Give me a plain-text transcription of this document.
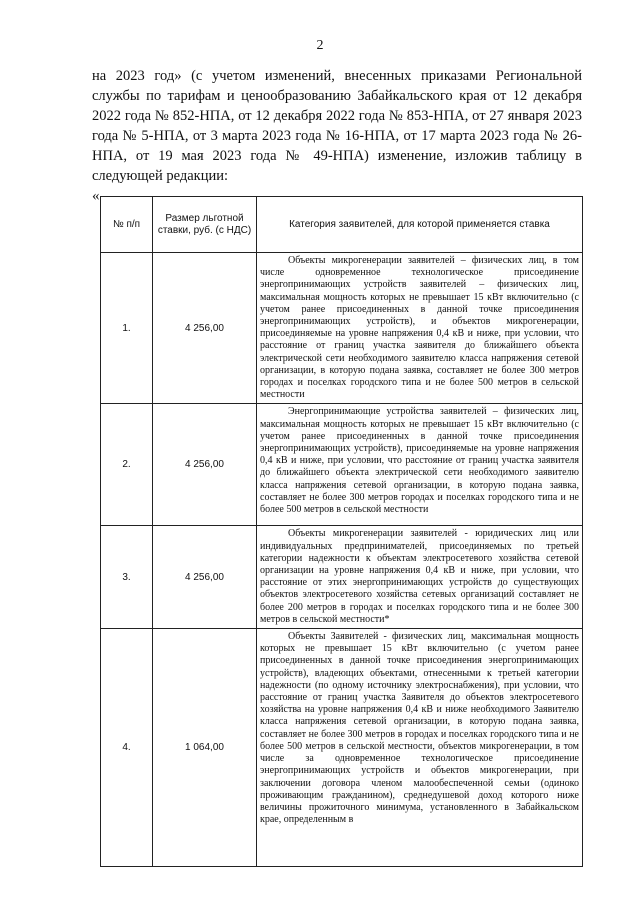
2
на 2023 год» (с учетом изменений, внесенных приказами Региональной службы по тарифам и ценообразованию Забайкальского края от 12 декабря 2022 года № 852-НПА, от 12 декабря 2022 года № 853-НПА, от 27 января 2023 года № 5-НПА, от 3 марта 2023 года № 16-НПА, от 17 марта 2023 года № 26-НПА, от 19 мая 2023 года № 49-НПА) изменение, изложив таблицу в следующей редакции:
«
№ п/п	Размер льготной ставки, руб. (с НДС)	Категория заявителей, для которой применяется ставка
1.	4 256,00	Объекты микрогенерации заявителей – физических лиц, в том числе одновременное технологическое присоединение энергопринимающих устройств заявителей – физических лиц, максимальная мощность которых не превышает 15 кВт включительно (с учетом ранее присоединенных в данной точке присоединения энергопринимающих устройств), и объектов микрогенерации, присоединяемые на уровне напряжения 0,4 кВ и ниже, при условии, что расстояние от границ участка заявителя до ближайшего объекта электрической сети необходимого заявителю класса напряжения сетевой организации, в которую подана заявка, составляет не более 300 метров городах и поселках городского типа и не более 500 метров в сельской местности

2.	4 256,00	Энергопринимающие устройства заявителей – физических лиц, максимальная мощность которых не превышает 15 кВт включительно (с учетом ранее присоединенных в данной точке присоединения энергопринимающих устройств), присоединяемые на уровне напряжения 0,4 кВ и ниже, при условии, что расстояние от границ участка заявителя до ближайшего объекта электрической сети необходимого заявителю класса напряжения сетевой организации, в которую подана заявка, составляет не более 300 метров городах и поселках городского типа и не более 500 метров в сельской местности

3.	4 256,00	Объекты микрогенерации заявителей - юридических лиц или индивидуальных предпринимателей, присоединяемых по третьей категории надежности к объектам электросетевого хозяйства сетевой организации на уровне напряжения 0,4 кВ и ниже, при условии, что расстояние от этих энергопринимающих устройств до существующих объектов электросетевого хозяйства сетевых организаций составляет не более 200 метров в городах и поселках городского типа и не более 300 метров в сельской местности*

4.	1 064,00	Объекты Заявителей - физических лиц, максимальная мощность которых не превышает 15 кВт включительно (с учетом ранее присоединенных в данной точке присоединения энергопринимающих устройств), владеющих объектами, отнесенными к третьей категории надежности (по одному источнику электроснабжения), при условии, что расстояние от границ участка Заявителя до объектов электросетевого хозяйства на уровне напряжения 0,4 кВ и ниже необходимого Заявителю класса напряжения сетевой организации, в которую подана заявка, составляет не более 300 метров в городах и поселках городского типа и не более 500 метров в сельской местности, объектов микрогенерации, в том числе за одновременное технологическое присоединение энергопринимающих устройств и объектов микрогенерации, при заключении договора членом малообеспеченной семьи (одиноко проживающим гражданином), среднедушевой доход которого ниже величины прожиточного минимума, установленного в Забайкальском крае, определенным в
